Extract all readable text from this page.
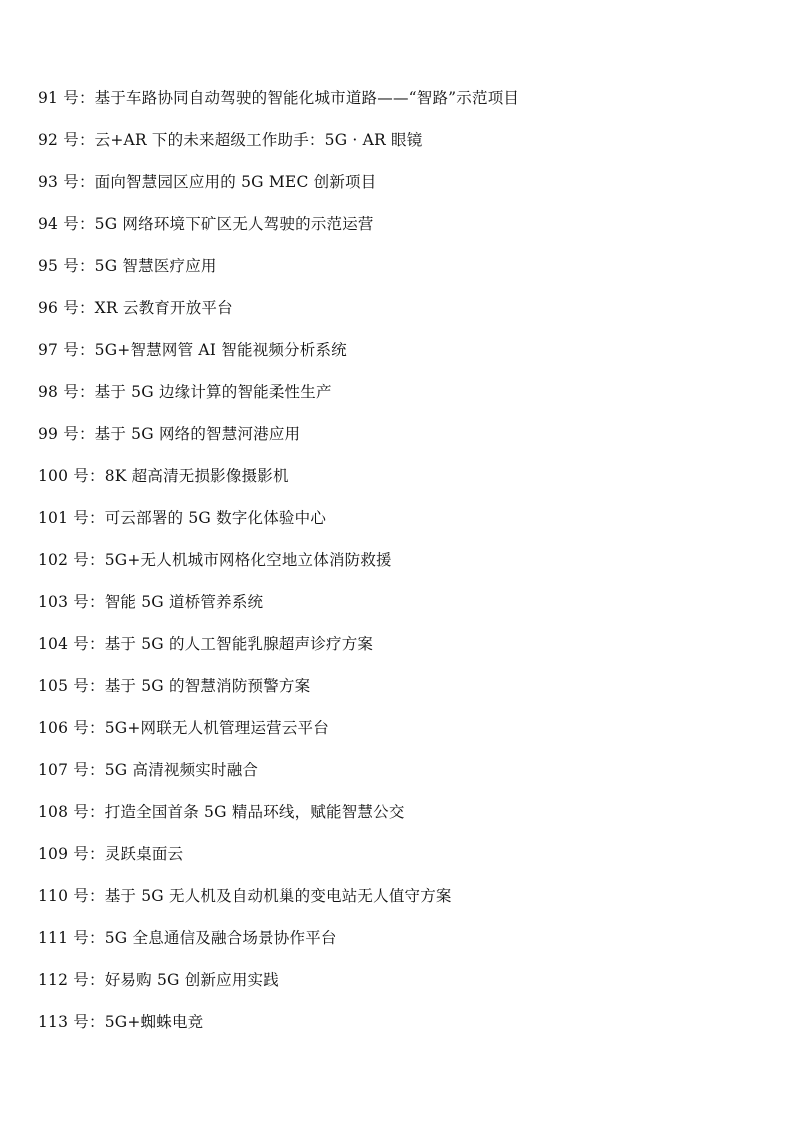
91 号：基于车路协同自动驾驶的智能化城市道路——“智路”示范项目
92 号：云+AR 下的未来超级工作助手：5G · AR 眼镜
93 号：面向智慧园区应用的 5G MEC 创新项目
94 号：5G 网络环境下矿区无人驾驶的示范运营
95 号：5G 智慧医疗应用
96 号：XR 云教育开放平台
97 号：5G+智慧网管 AI 智能视频分析系统
98 号：基于 5G 边缘计算的智能柔性生产
99 号：基于 5G 网络的智慧河港应用
100 号：8K 超高清无损影像摄影机
101 号：可云部署的 5G 数字化体验中心
102 号：5G+无人机城市网格化空地立体消防救援
103 号：智能 5G 道桥管养系统
104 号：基于 5G 的人工智能乳腺超声诊疗方案
105 号：基于 5G 的智慧消防预警方案
106 号：5G+网联无人机管理运营云平台
107 号：5G 高清视频实时融合
108 号：打造全国首条 5G 精品环线，赋能智慧公交
109 号：灵跃桌面云
110 号：基于 5G 无人机及自动机巢的变电站无人值守方案
111 号：5G 全息通信及融合场景协作平台
112 号：好易购 5G 创新应用实践
113 号：5G+蜘蛛电竞
